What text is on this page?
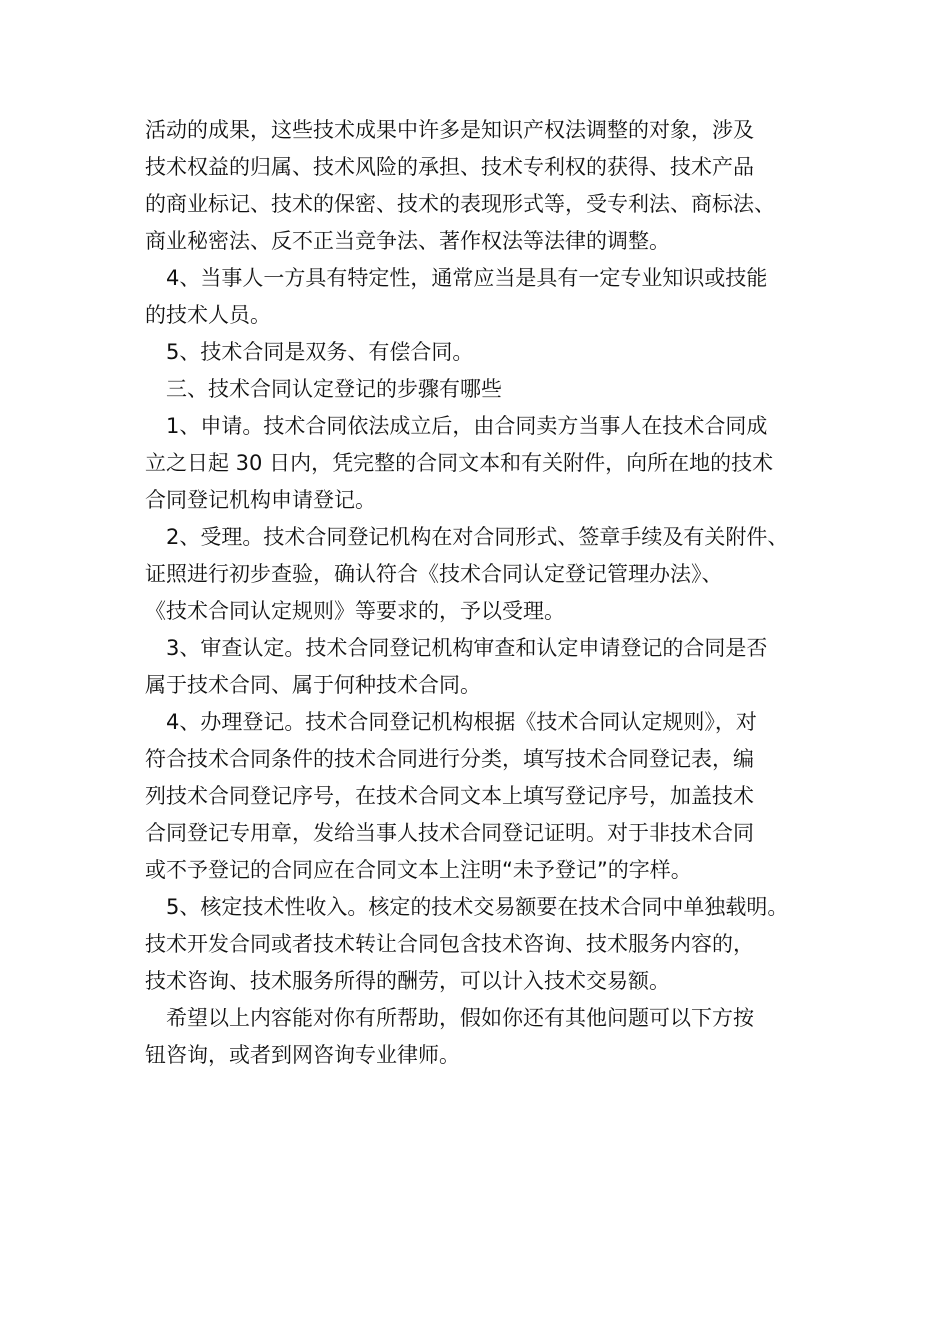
活动的成果，这些技术成果中许多是知识产权法调整的对象，涉及
技术权益的归属、技术风险的承担、技术专利权的获得、技术产品
的商业标记、技术的保密、技术的表现形式等，受专利法、商标法、
商业秘密法、反不正当竞争法、著作权法等法律的调整。
4、当事人一方具有特定性，通常应当是具有一定专业知识或技能
的技术人员。
5、技术合同是双务、有偿合同。
三、技术合同认定登记的步骤有哪些
1、申请。技术合同依法成立后，由合同卖方当事人在技术合同成
立之日起 30 日内，凭完整的合同文本和有关附件，向所在地的技术
合同登记机构申请登记。
2、受理。技术合同登记机构在对合同形式、签章手续及有关附件、
证照进行初步查验，确认符合《技术合同认定登记管理办法》、
《技术合同认定规则》等要求的，予以受理。
3、审查认定。技术合同登记机构审查和认定申请登记的合同是否
属于技术合同、属于何种技术合同。
4、办理登记。技术合同登记机构根据《技术合同认定规则》，对
符合技术合同条件的技术合同进行分类，填写技术合同登记表，编
列技术合同登记序号，在技术合同文本上填写登记序号，加盖技术
合同登记专用章，发给当事人技术合同登记证明。对于非技术合同
或不予登记的合同应在合同文本上注明“未予登记”的字样。
5、核定技术性收入。核定的技术交易额要在技术合同中单独载明。
技术开发合同或者技术转让合同包含技术咨询、技术服务内容的，
技术咨询、技术服务所得的酬劳，可以计入技术交易额。
希望以上内容能对你有所帮助，假如你还有其他问题可以下方按
钮咨询，或者到网咨询专业律师。
